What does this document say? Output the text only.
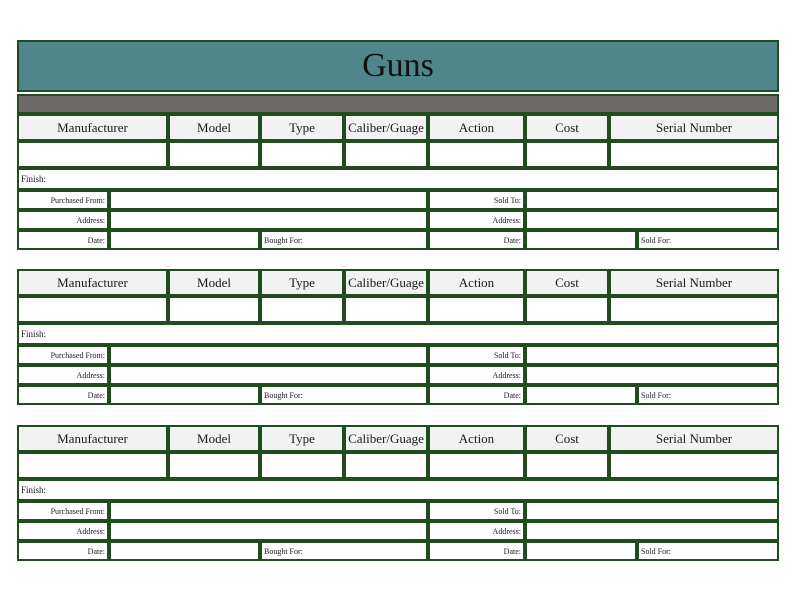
Guns
Manufacturer	Model	Type	Caliber/Guage	Action	Cost	Serial Number
Finish:
Purchased From:	Sold To:
Address:	Address:
Date:	Bought For:	Date:	Sold For:
Manufacturer	Model	Type	Caliber/Guage	Action	Cost	Serial Number
Finish:
Purchased From:	Sold To:
Address:	Address:
Date:	Bought For:	Date:	Sold For:
Manufacturer	Model	Type	Caliber/Guage	Action	Cost	Serial Number
Finish:
Purchased From:	Sold To:
Address:	Address:
Date:	Bought For:	Date:	Sold For:
